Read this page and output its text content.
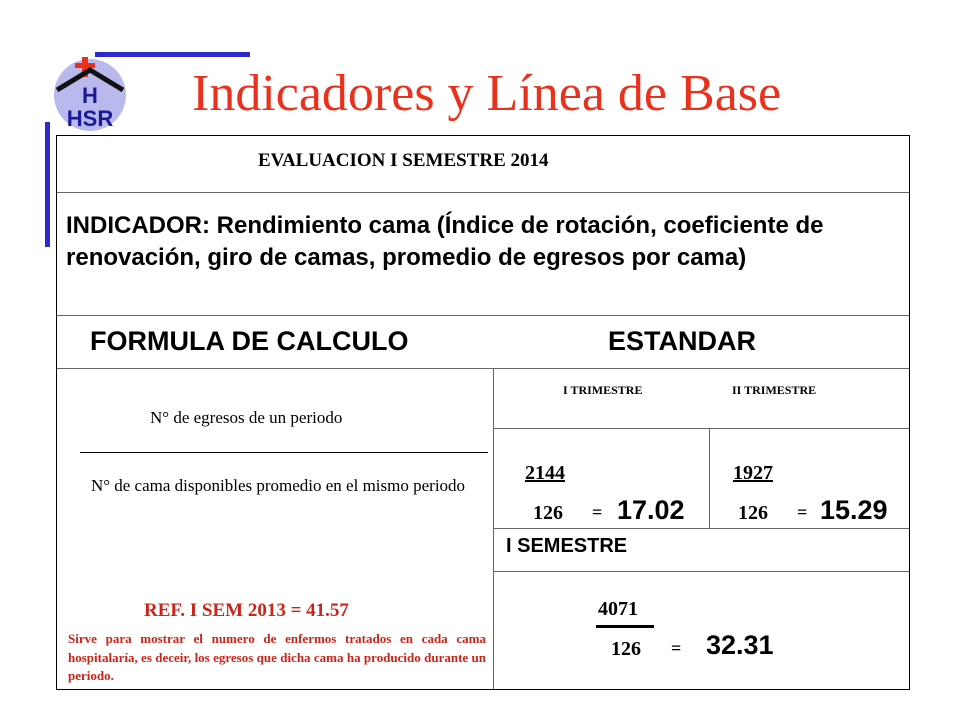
H
HSR Indicadores y Línea de Base
EVALUACION I SEMESTRE 2014
INDICADOR: Rendimiento cama (Índice de rotación, coeficiente de renovación, giro de camas, promedio de egresos por cama)
FORMULA DE CALCULO	ESTANDAR
N° de egresos de un periodo
N° de cama disponibles promedio en el mismo periodo
I TRIMESTRE	II TRIMESTRE
2144
126 = 17.02
1927
126 = 15.29
I SEMESTRE
4071
126 = 32.31
REF. I SEM 2013 = 41.57
Sirve para mostrar el numero de enfermos tratados en cada cama hospitalaría, es deceir, los egresos que dicha cama ha producido durante un periodo.
